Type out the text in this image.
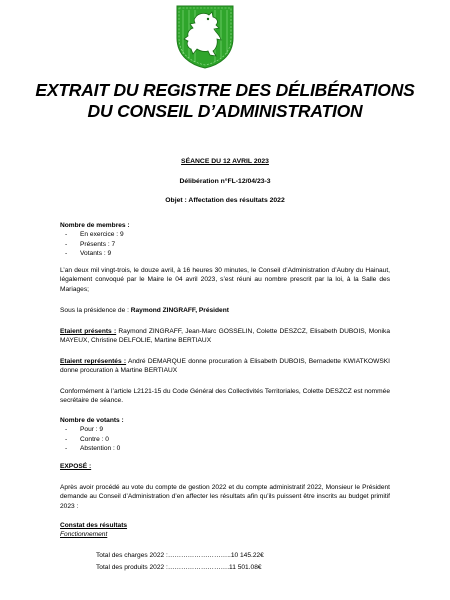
EXTRAIT DU REGISTRE DES DÉLIBÉRATIONS
DU CONSEIL D’ADMINISTRATION
SÉANCE DU 12 AVRIL 2023
Délibération n°FL-12/04/23-3
Objet : Affectation des résultats 2022
Nombre de membres :
- En exercice : 9
- Présents : 7
- Votants : 9
L’an deux mil vingt-trois, le douze avril, à 16 heures 30 minutes, le Conseil d’Administration d’Aubry du Hainaut, légalement convoqué par le Maire le 04 avril 2023, s’est réuni au nombre prescrit par la loi, à la Salle des Mariages;
Sous la présidence de : Raymond ZINGRAFF, Président
Etaient présents : Raymond ZINGRAFF, Jean-Marc GOSSELIN, Colette DESZCZ, Elisabeth DUBOIS, Monika MAYEUX, Christine DELFOLIE, Martine BERTIAUX
Etaient représentés : André DEMARQUE donne procuration à Elisabeth DUBOIS, Bernadette KWIATKOWSKI donne procuration à Martine BERTIAUX
Conformément à l’article L2121-15 du Code Général des Collectivités Territoriales, Colette DESZCZ est nommée secrétaire de séance.
Nombre de votants :
- Pour : 9
- Contre : 0
- Abstention : 0
EXPOSÉ :
Après avoir procédé au vote du compte de gestion 2022 et du compte administratif 2022, Monsieur le Président demande au Conseil d’Administration d’en affecter les résultats afin qu’ils puissent être inscrits au budget primitif 2023 :
Constat des résultats
Fonctionnement
Total des charges 2022 :………………………..10 145.22€
Total des produits 2022 :……………………….11 501.08€
